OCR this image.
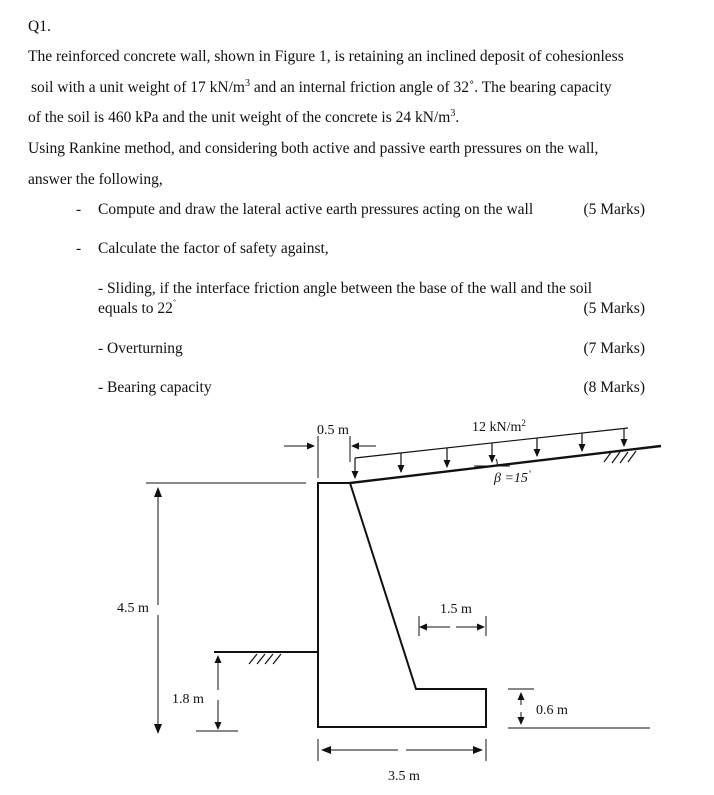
Q1.
The reinforced concrete wall, shown in Figure 1, is retaining an inclined deposit of cohesionless
soil with a unit weight of 17 $kN/m^3$ and an internal friction angle of 32˚. The bearing capacity
of the soil is 460 kPa and the unit weight of the concrete is 24 $kN/m^3$.
Using Rankine method, and considering both active and passive earth pressures on the wall,
answer the following,
- Compute and draw the lateral active earth pressures acting on the wall	(5 Marks)
- Calculate the factor of safety against,
- Sliding, if the interface friction angle between the base of the wall and the soil
equals to 22˚	(5 Marks)
- Overturning	(7 Marks)
- Bearing capacity	(8 Marks)
0.5 m	12 $kN/m^2$
β =15˚
4.5 m	1.5 m
1.8 m
0.6 m
3.5 m
